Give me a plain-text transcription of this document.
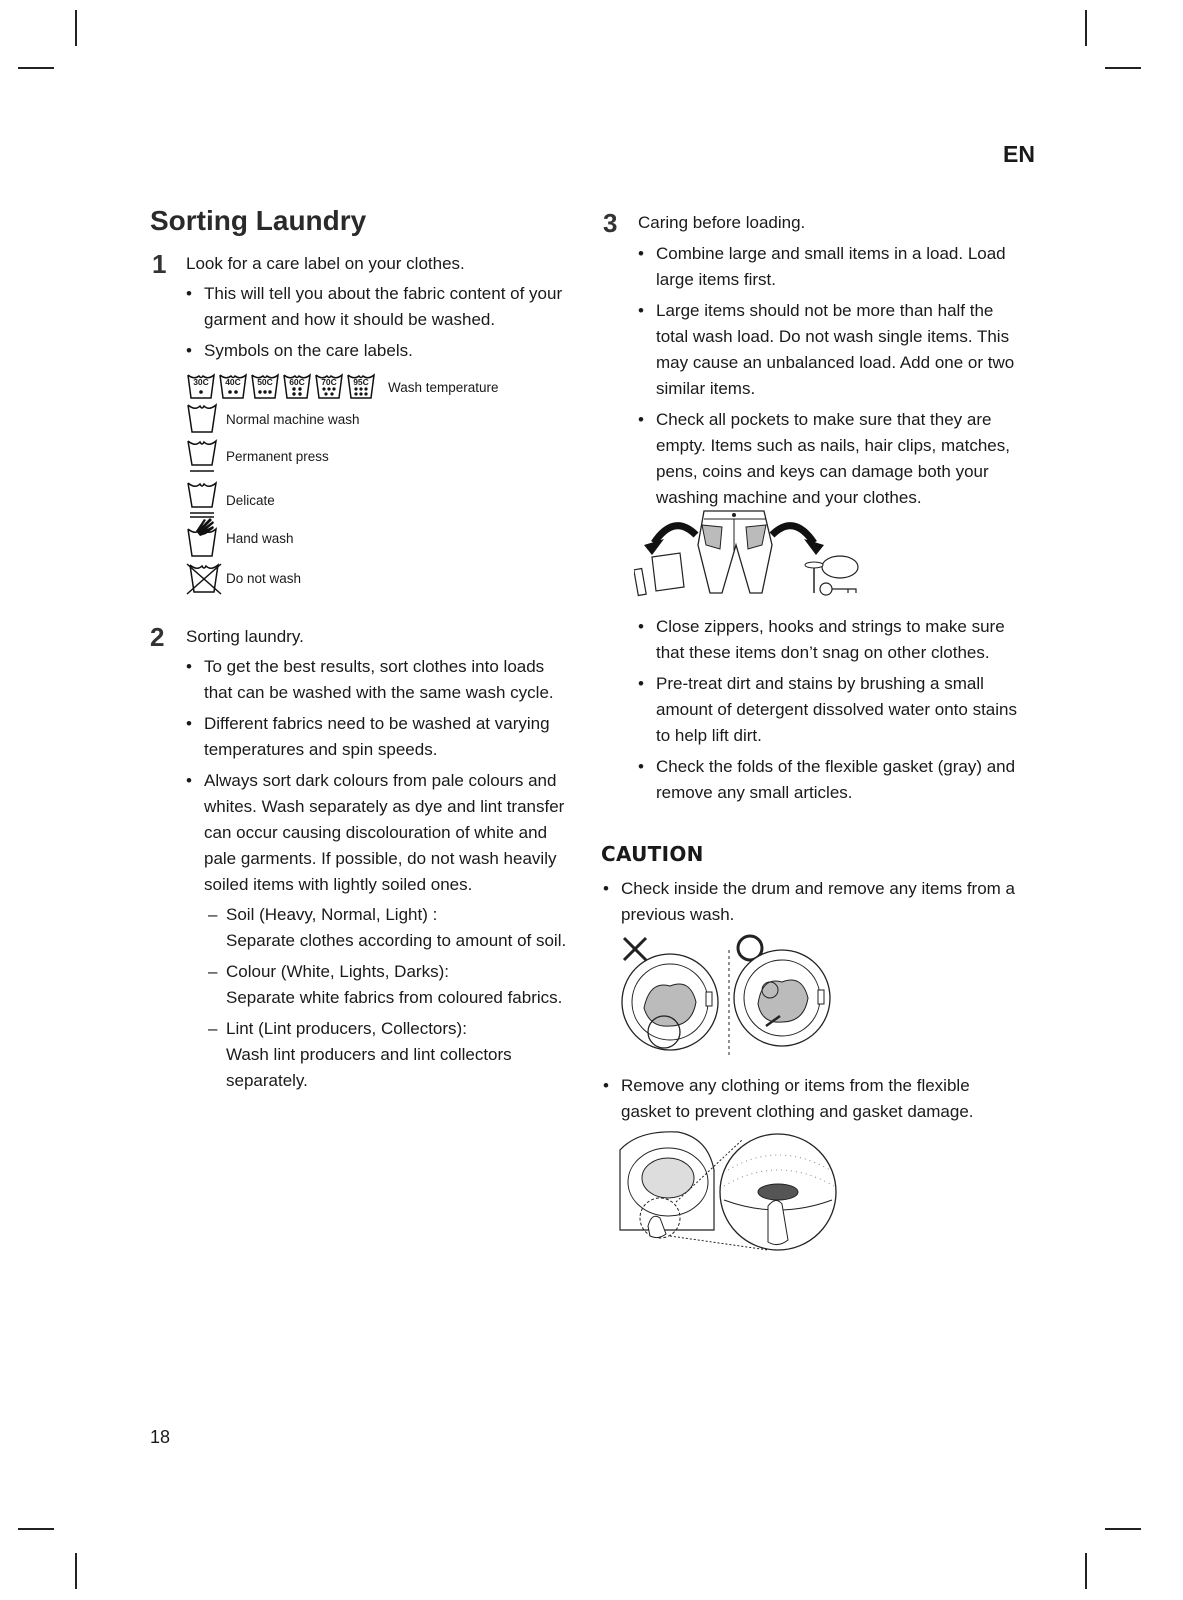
EN
Sorting Laundry
1 Look for a care label on your clothes.
• This will tell you about the fabric content of your garment and how it should be washed.
• Symbols on the care labels.
30C	40C	50C	60C	70C	95C	Wash temperature
Normal machine wash
Permanent press
Delicate
Hand wash
Do not wash
2 Sorting laundry.
• To get the best results, sort clothes into loads that can be washed with the same wash cycle.
• Different fabrics need to be washed at varying temperatures and spin speeds.
• Always sort dark colours from pale colours and whites. Wash separately as dye and lint transfer can occur causing discolouration of white and pale garments. If possible, do not wash heavily soiled items with lightly soiled ones.
– Soil (Heavy, Normal, Light) :
Separate clothes according to amount of soil.
– Colour (White, Lights, Darks):
Separate white fabrics from coloured fabrics.
– Lint (Lint producers, Collectors):
Wash lint producers and lint collectors separately.
3 Caring before loading.
• Combine large and small items in a load. Load large items first.
• Large items should not be more than half the total wash load. Do not wash single items. This may cause an unbalanced load. Add one or two similar items.
• Check all pockets to make sure that they are empty. Items such as nails, hair clips, matches, pens, coins and keys can damage both your washing machine and your clothes.
• Close zippers, hooks and strings to make sure that these items don’t snag on other clothes.
• Pre-treat dirt and stains by brushing a small amount of detergent dissolved water onto stains to help lift dirt.
• Check the folds of the flexible gasket (gray) and remove any small articles.
CAUTION
• Check inside the drum and remove any items from a previous wash.
• Remove any clothing or items from the flexible gasket to prevent clothing and gasket damage.
18
